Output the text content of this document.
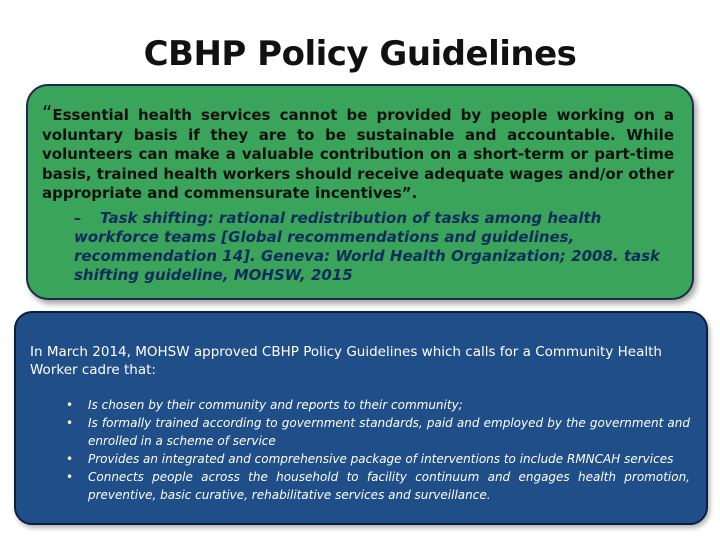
CBHP Policy Guidelines

“Essential health services cannot be provided by people working on a voluntary basis if they are to be sustainable and accountable. While volunteers can make a valuable contribution on a short-term or part-time basis, trained health workers should receive adequate wages and/or other appropriate and commensurate incentives”.

– Task shifting: rational redistribution of tasks among health workforce teams [Global recommendations and guidelines, recommendation 14]. Geneva: World Health Organization; 2008. task shifting guideline, MOHSW, 2015

In March 2014, MOHSW approved CBHP Policy Guidelines which calls for a Community Health Worker cadre that:

• Is chosen by their community and reports to their community;
• Is formally trained according to government standards, paid and employed by the government and enrolled in a scheme of service
• Provides an integrated and comprehensive package of interventions to include RMNCAH services
• Connects people across the household to facility continuum and engages health promotion, preventive, basic curative, rehabilitative services and surveillance.
